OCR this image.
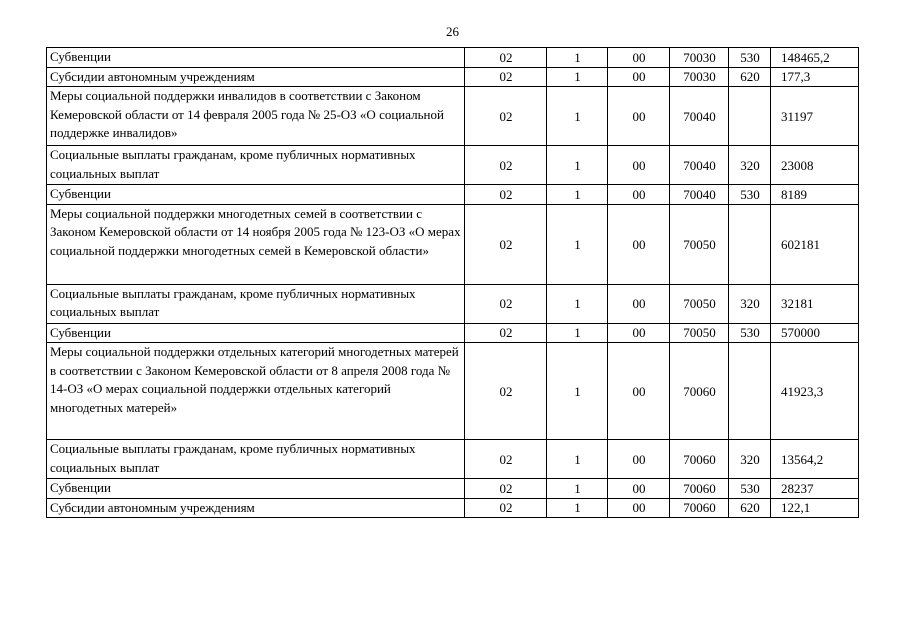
26
Субвенции	02	1	00	70030	530	148465,2
Субсидии автономным учреждениям	02	1	00	70030	620	177,3
Меры социальной поддержки инвалидов в соответствии с Законом Кемеровской области от 14 февраля 2005 года № 25-ОЗ «О социальной поддержке инвалидов»	02	1	00	70040		31197
Социальные выплаты гражданам, кроме публичных нормативных социальных выплат	02	1	00	70040	320	23008
Субвенции	02	1	00	70040	530	8189
Меры социальной поддержки многодетных семей в соответствии с Законом Кемеровской области от 14 ноября 2005 года № 123-ОЗ «О мерах социальной поддержки многодетных семей в Кемеровской области»	02	1	00	70050		602181
Социальные выплаты гражданам, кроме публичных нормативных социальных выплат	02	1	00	70050	320	32181
Субвенции	02	1	00	70050	530	570000
Меры социальной поддержки отдельных категорий многодетных матерей в соответствии с Законом Кемеровской области от 8 апреля 2008 года № 14-ОЗ «О мерах социальной поддержки отдельных категорий многодетных матерей»	02	1	00	70060		41923,3
Социальные выплаты гражданам, кроме публичных нормативных социальных выплат	02	1	00	70060	320	13564,2
Субвенции	02	1	00	70060	530	28237
Субсидии автономным учреждениям	02	1	00	70060	620	122,1
